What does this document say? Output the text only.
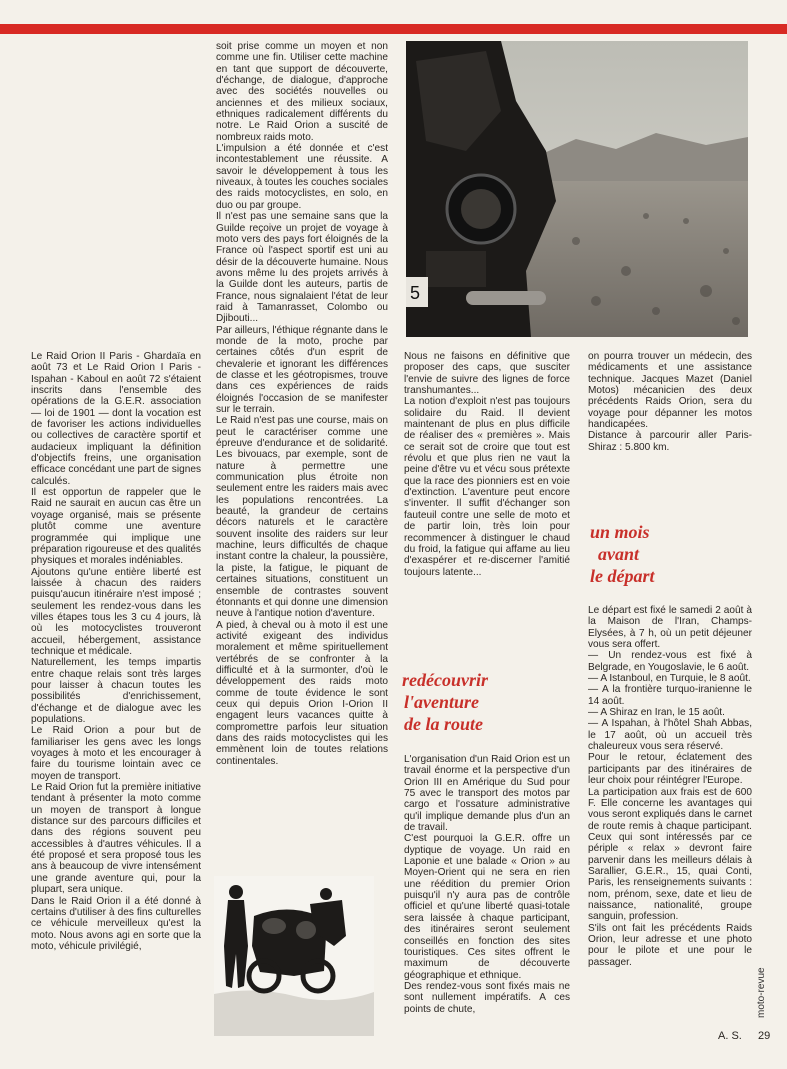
5

Le Raid Orion II Paris - Ghardaïa en août 73 et Le Raid Orion I Paris - Ispahan - Kaboul en août 72 s'étaient inscrits dans l'ensemble des opérations de la G.E.R. association — loi de 1901 — dont la vocation est de favoriser les actions individuelles ou collectives de caractère sportif et audacieux impliquant la définition d'objectifs freins, une organisation efficace concédant une part de signes calculés.

Il est opportun de rappeler que le Raid ne saurait en aucun cas être un voyage organisé, mais se présente plutôt comme une aventure programmée qui implique une préparation rigoureuse et des qualités physiques et morales indéniables.

Ajoutons qu'une entière liberté est laissée à chacun des raiders puisqu'aucun itinéraire n'est imposé ; seulement les rendez-vous dans les villes étapes tous les 3 cu 4 jours, là où les motocyclistes trouveront accueil, hébergement, assistance technique et médicale.

Naturellement, les temps impartis entre chaque relais sont très larges pour laisser à chacun toutes les possibilités d'enrichissement, d'échange et de dialogue avec les populations.

Le Raid Orion a pour but de familiariser les gens avec les longs voyages à moto et les encourager à faire du tourisme lointain avec ce moyen de transport.

Le Raid Orion fut la première initiative tendant à présenter la moto comme un moyen de transport à longue distance sur des parcours difficiles et dans des régions souvent peu accessibles à d'autres véhicules. Il a été proposé et sera proposé tous les ans à beaucoup de vivre intensément une grande aventure qui, pour la plupart, sera unique.

Dans le Raid Orion il a été donné à certains d'utiliser à des fins culturelles ce véhicule merveilleux qu'est la moto. Nous avons agi en sorte que la moto, véhicule privilégié,

soit prise comme un moyen et non comme une fin. Utiliser cette machine en tant que support de découverte, d'échange, de dialogue, d'approche avec des sociétés nouvelles ou anciennes et des milieux sociaux, ethniques radicalement différents du notre. Le Raid Orion a suscité de nombreux raids moto.

L'impulsion a été donnée et c'est incontestablement une réussite. A savoir le développement à tous les niveaux, à toutes les couches sociales des raids motocyclistes, en solo, en duo ou par groupe.

Il n'est pas une semaine sans que la Guilde reçoive un projet de voyage à moto vers des pays fort éloignés de la France où l'aspect sportif est uni au désir de la découverte humaine. Nous avons même lu des projets arrivés à la Guilde dont les auteurs, partis de France, nous signalaient l'état de leur raid à Tamanrasset, Colombo ou Djibouti...

Par ailleurs, l'éthique régnante dans le monde de la moto, proche par certaines côtés d'un esprit de chevalerie et ignorant les différences de classe et les géotropismes, trouve dans ces expériences de raids éloignés l'occasion de se manifester sur le terrain.

Le Raid n'est pas une course, mais on peut le caractériser comme une épreuve d'endurance et de solidarité. Les bivouacs, par exemple, sont de nature à permettre une communication plus étroite non seulement entre les raiders mais avec les populations rencontrées. La beauté, la grandeur de certains décors naturels et le caractère souvent insolite des raiders sur leur machine, leurs difficultés de chaque instant contre la chaleur, la poussière, la piste, la fatigue, le piquant de certaines situations, constituent un ensemble de contrastes souvent étonnants et qui donne une dimension neuve à l'antique notion d'aventure.

A pied, à cheval ou à moto il est une activité exigeant des individus moralement et même spirituellement vertébrés de se confronter à la difficulté et à la surmonter, d'où le développement des raids moto comme de toute évidence le sont ceux qui depuis Orion I-Orion II engagent leurs vacances quitte à compromettre parfois leur situation dans des raids motocyclistes qui les emmènent loin de toutes relations continentales.

Nous ne faisons en définitive que proposer des caps, que susciter l'envie de suivre des lignes de force transhumantes...

La notion d'exploit n'est pas toujours solidaire du Raid. Il devient maintenant de plus en plus difficile de réaliser des « premières ». Mais ce serait sot de croire que tout est révolu et que plus rien ne vaut la peine d'être vu et vécu sous prétexte que la race des pionniers est en voie d'extinction. L'aventure peut encore s'inventer. Il suffit d'échanger son fauteuil contre une selle de moto et de partir loin, très loin pour recommencer à distinguer le chaud du froid, la fatigue qui affame au lieu d'exaspérer et re-discerner l'amitié toujours latente...

redécouvrir
l'aventure
de la route

L'organisation d'un Raid Orion est un travail énorme et la perspective d'un Orion III en Amérique du Sud pour 75 avec le transport des motos par cargo et l'ossature administrative qu'il implique demande plus d'un an de travail.

C'est pourquoi la G.E.R. offre un dyptique de voyage. Un raid en Laponie et une balade « Orion » au Moyen-Orient qui ne sera en rien une réédition du premier Orion puisqu'il n'y aura pas de contrôle officiel et qu'une liberté quasi-totale sera laissée à chaque participant, des itinéraires seront seulement conseillés en fonction des sites touristiques. Ces sites offrent le maximum de découverte géographique et ethnique.

Des rendez-vous sont fixés mais ne sont nullement impératifs. A ces points de chute,

on pourra trouver un médecin, des médicaments et une assistance technique. Jacques Mazet (Daniel Motos) mécanicien des deux précédents Raids Orion, sera du voyage pour dépanner les motos handicapées.

Distance à parcourir aller Paris-Shiraz : 5.800 km.

un mois
avant
le départ

Le départ est fixé le samedi 2 août à la Maison de l'Iran, Champs-Elysées, à 7 h, où un petit déjeuner vous sera offert.

— Un rendez-vous est fixé à Belgrade, en Yougoslavie, le 6 août.

— A Istanboul, en Turquie, le 8 août.

— A la frontière turquo-iranienne le 14 août.

— A Shiraz en Iran, le 15 août.

— A Ispahan, à l'hôtel Shah Abbas, le 17 août, où un accueil très chaleureux vous sera réservé.

Pour le retour, éclatement des participants par des itinéraires de leur choix pour réintégrer l'Europe.

La participation aux frais est de 600 F. Elle concerne les avantages qui vous seront expliqués dans le carnet de route remis à chaque participant. Ceux qui sont intéressés par ce périple « relax » devront faire parvenir dans les meilleurs délais à Sarallier, G.E.R., 15, quai Conti, Paris, les renseignements suivants : nom, prénom, sexe, date et lieu de naissance, nationalité, groupe sanguin, profession.

S'ils ont fait les précédents Raids Orion, leur adresse et une photo pour le pilote et une pour le passager.

A. S. 29
moto-revue
